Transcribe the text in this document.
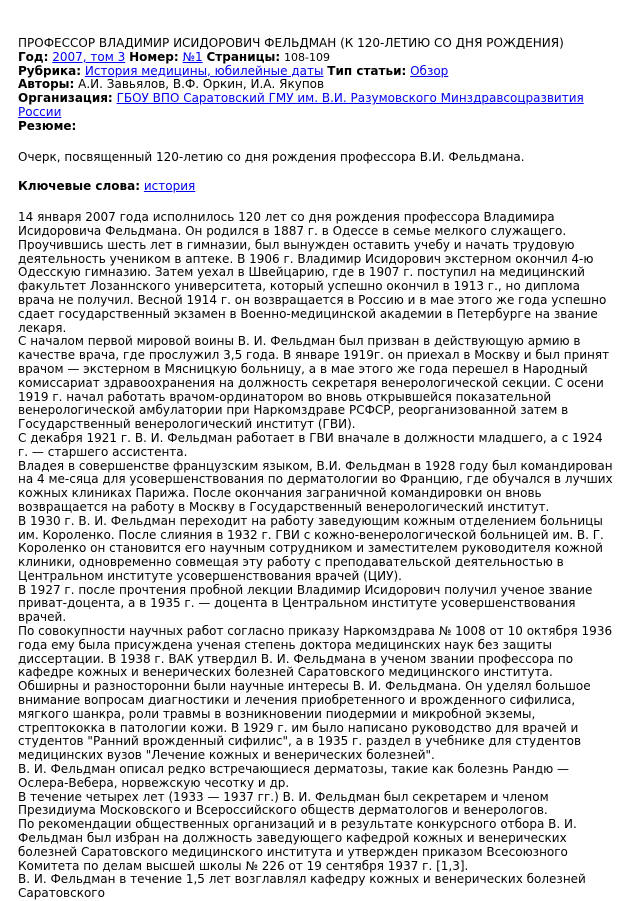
ПРОФЕССОР ВЛАДИМИР ИСИДОРОВИЧ ФЕЛЬДМАН (К 120-ЛЕТИЮ СО ДНЯ РОЖДЕНИЯ)
Год: 2007, том 3 Номер: №1 Страницы: 108-109
Рубрика: История медицины, юбилейные даты Тип статьи: Обзор
Авторы: А.И. Завьялов, В.Ф. Оркин, И.А. Якупов
Организация: ГБОУ ВПО Саратовский ГМУ им. В.И. Разумовского Минздравсоцразвития России
Резюме:

Очерк, посвященный 120-летию со дня рождения профессора В.И. Фельдмана.

Ключевые слова: история

14 января 2007 года исполнилось 120 лет со дня рождения профессора Владимира Исидоровича Фельдмана. Он родился в 1887 г. в Одессе в семье мелкого служащего. Проучившись шесть лет в гимназии, был вынужден оставить учебу и начать трудовую деятельность учеником в аптеке. В 1906 г. Владимир Исидорович экстерном окончил 4-ю Одесскую гимназию. Затем уехал в Швейцарию, где в 1907 г. поступил на медицинский факультет Лозаннского университета, который успешно окончил в 1913 г., но диплома врача не получил. Весной 1914 г. он возвращается в Россию и в мае этого же года успешно сдает государственный экзамен в Военно-медицинской академии в Петербурге на звание лекаря.

С началом первой мировой воины В. И. Фельдман был призван в действующую армию в качестве врача, где прослужил 3,5 года. В январе 1919г. он приехал в Москву и был принят врачом — экстерном в Мясницкую больницу, а в мае этого же года перешел в Народный комиссариат здравоохранения на должность секретаря венерологической секции. С осени 1919 г. начал работать врачом-ординатором во вновь открывшейся показательной венерологической амбулатории при Наркомздраве РСФСР, реорганизованной затем в Государственный венерологический институт (ГВИ).

С декабря 1921 г. В. И. Фельдман работает в ГВИ вначале в должности младшего, а с 1924 г. — старшего ассистента.

Владея в совершенстве французским языком, В.И. Фельдман в 1928 году был командирован на 4 ме-сяца для усовершенствования по дерматологии во Францию, где обучался в лучших кожных клиниках Парижа. После окончания заграничной командировки он вновь возвращается на работу в Москву в Государственный венерологический институт.

В 1930 г. В. И. Фельдман переходит на работу заведующим кожным отделением больницы им. Короленко. После слияния в 1932 г. ГВИ с кожно-венерологической больницей им. В. Г. Короленко он становится его научным сотрудником и заместителем руководителя кожной клиники, одновременно совмещая эту работу с преподавательской деятельностью в Центральном институте усовершенствования врачей (ЦИУ).

В 1927 г. после прочтения пробной лекции Владимир Исидорович получил ученое звание приват-доцента, а в 1935 г. — доцента в Центральном институте усовершенствования врачей.

По совокупности научных работ согласно приказу Наркомздрава № 1008 от 10 октября 1936 года ему была присуждена ученая степень доктора медицинских наук без защиты диссертации. В 1938 г. ВАК утвердил В. И. Фельдмана в ученом звании профессора по кафедре кожных и венерических болезней Саратовского медицинского института.

Обширны и разносторонни были научные интересы В. И. Фельдмана. Он уделял большое внимание вопросам диагностики и лечения приобретенного и врожденного сифилиса, мягкого шанкра, роли травмы в возникновении пиодермии и микробной экземы, стрептококка в патологии кожи. В 1929 г. им было написано руководство для врачей и студентов "Ранний врожденный сифилис", а в 1935 г. раздел в учебнике для студентов медицинских вузов "Лечение кожных и венерических болезней".

В. И. Фельдман описал редко встречающиеся дерматозы, такие как болезнь Рандю — Ослера-Вебера, норвежскую чесотку и др.

В течение четырех лет (1933 — 1937 гг.) В. И. Фельдман был секретарем и членом Президиума Московского и Всероссийского обществ дерматологов и венерологов.

По рекомендации общественных организаций и в результате конкурсного отбора В. И. Фельдман был избран на должность заведующего кафедрой кожных и венерических болезней Саратовского медицинского института и утвержден приказом Всесоюзного Комитета по делам высшей школы № 226 от 19 сентября 1937 г. [1,3].

В. И. Фельдман в течение 1,5 лет возглавлял кафедру кожных и венерических болезней Саратовского
